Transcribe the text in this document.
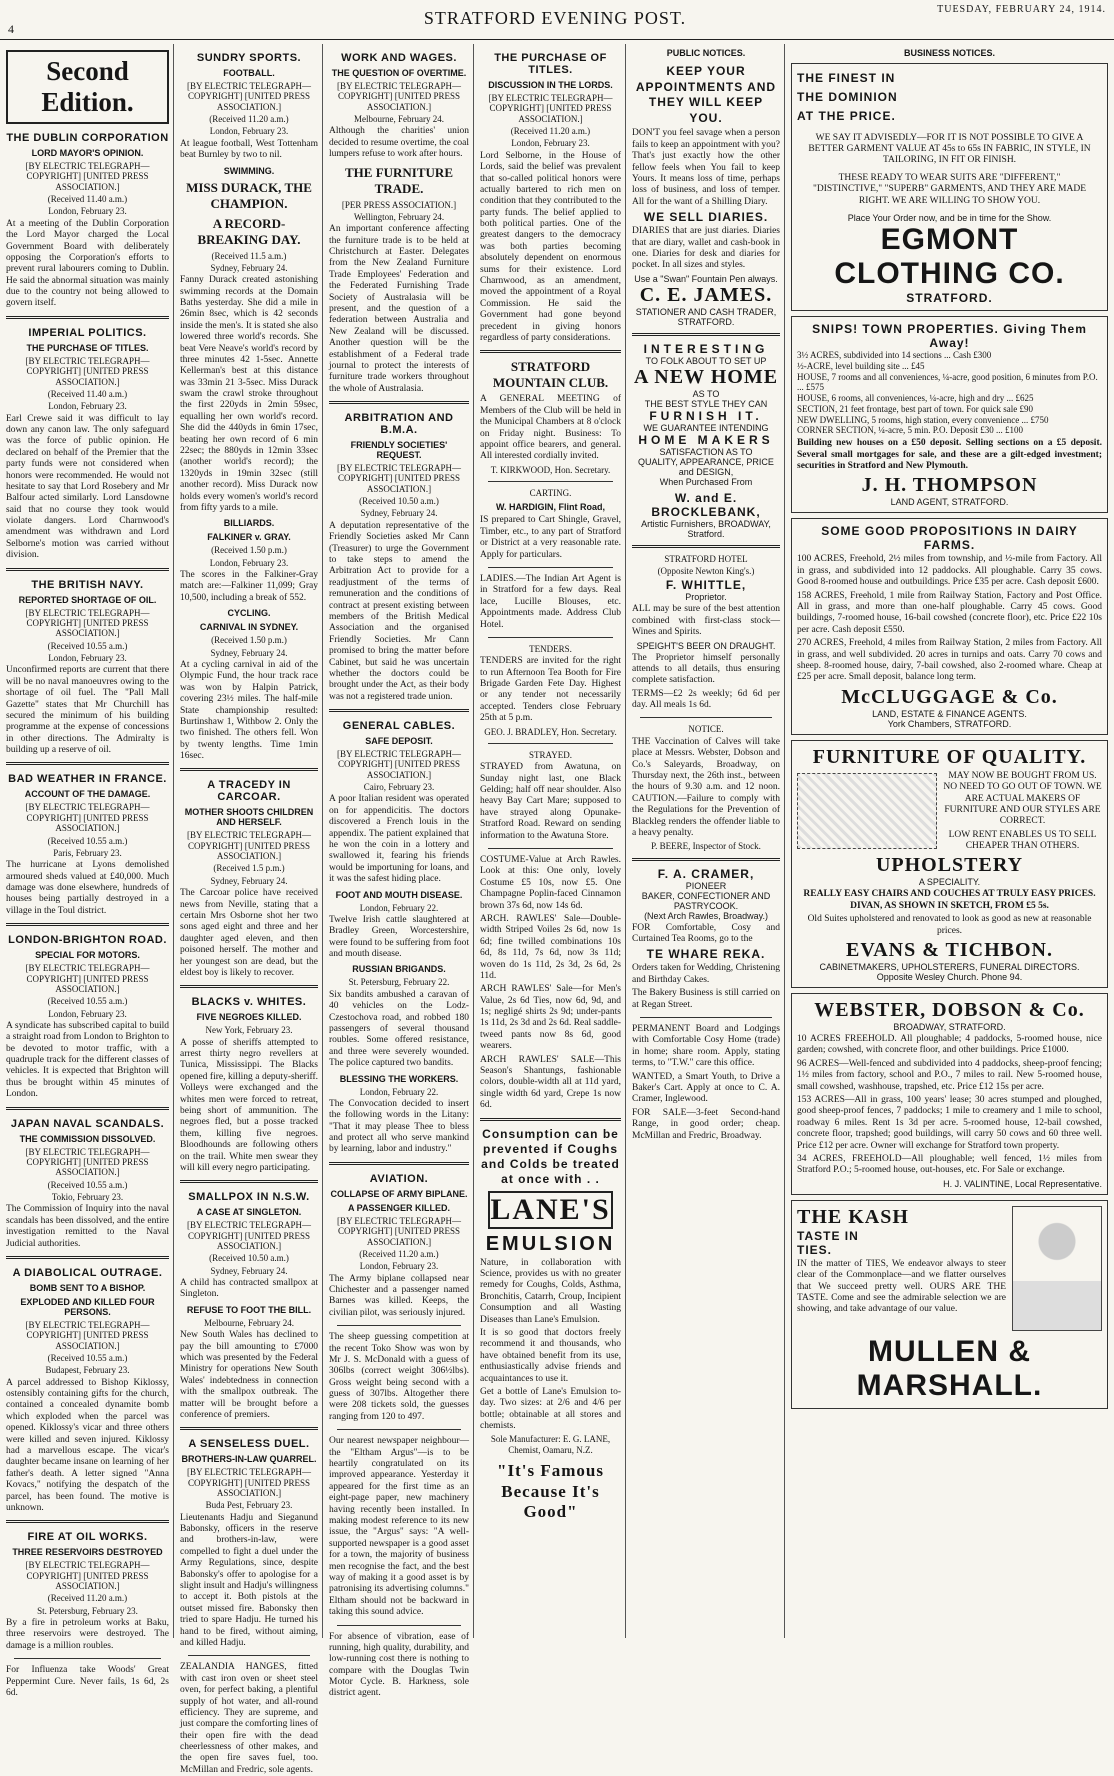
4
STRATFORD EVENING POST.	TUESDAY, FEBRUARY 24, 1914.
Second Edition.
THE DUBLIN CORPORATION
LORD MAYOR'S OPINION.
[BY ELECTRIC TELEGRAPH—COPYRIGHT] [UNITED PRESS ASSOCIATION.]
(Received 11.40 a.m.)
London, February 23.

At a meeting of the Dublin Corporation the Lord Mayor charged the Local Government Board with deliberately opposing the Corporation's efforts to prevent rural labourers coming to Dublin. He said the abnormal situation was mainly due to the country not being allowed to govern itself.

IMPERIAL POLITICS.
THE PURCHASE OF TITLES.
[BY ELECTRIC TELEGRAPH—COPYRIGHT] [UNITED PRESS ASSOCIATION.]
(Received 11.40 a.m.)
London, February 23.

Earl Crewe said it was difficult to lay down any canon law. The only safeguard was the force of public opinion. He declared on behalf of the Premier that the party funds were not considered when honors were recommended. He would not hesitate to say that Lord Rosebery and Mr Balfour acted similarly. Lord Lansdowne said that no course they took would violate dangers. Lord Charnwood's amendment was withdrawn and Lord Selborne's motion was carried without division.

THE BRITISH NAVY.
REPORTED SHORTAGE OF OIL.
[BY ELECTRIC TELEGRAPH—COPYRIGHT] [UNITED PRESS ASSOCIATION.]
(Received 10.55 a.m.)
London, February 23.

Unconfirmed reports are current that there will be no naval manoeuvres owing to the shortage of oil fuel. The "Pall Mall Gazette" states that Mr Churchill has secured the minimum of his building programme at the expense of concessions in other directions. The Admiralty is building up a reserve of oil.

BAD WEATHER IN FRANCE.
ACCOUNT OF THE DAMAGE.
[BY ELECTRIC TELEGRAPH—COPYRIGHT] [UNITED PRESS ASSOCIATION.]
(Received 10.55 a.m.)
Paris, February 23.

The hurricane at Lyons demolished armoured sheds valued at £40,000. Much damage was done elsewhere, hundreds of houses being partially destroyed in a village in the Toul district.

LONDON-BRIGHTON ROAD.
SPECIAL FOR MOTORS.
[BY ELECTRIC TELEGRAPH—COPYRIGHT] [UNITED PRESS ASSOCIATION.]
(Received 10.55 a.m.)
London, February 23.

A syndicate has subscribed capital to build a straight road from London to Brighton to be devoted to motor traffic, with a quadruple track for the different classes of vehicles. It is expected that Brighton will thus be brought within 45 minutes of London.

JAPAN NAVAL SCANDALS.
THE COMMISSION DISSOLVED.
[BY ELECTRIC TELEGRAPH—COPYRIGHT] [UNITED PRESS ASSOCIATION.]
(Received 10.55 a.m.)
Tokio, February 23.

The Commission of Inquiry into the naval scandals has been dissolved, and the entire investigation remitted to the Naval Judicial authorities.

A DIABOLICAL OUTRAGE.
BOMB SENT TO A BISHOP.
EXPLODED AND KILLED FOUR PERSONS.
[BY ELECTRIC TELEGRAPH—COPYRIGHT] [UNITED PRESS ASSOCIATION.]
(Received 10.55 a.m.)
Budapest, February 23.

A parcel addressed to Bishop Kiklossy, ostensibly containing gifts for the church, contained a concealed dynamite bomb which exploded when the parcel was opened. Kiklossy's vicar and three others were killed and seven injured. Kiklossy had a marvellous escape. The vicar's daughter became insane on learning of her father's death. A letter signed "Anna Kovacs," notifying the despatch of the parcel, has been found. The motive is unknown.

FIRE AT OIL WORKS.
THREE RESERVOIRS DESTROYED
[BY ELECTRIC TELEGRAPH—COPYRIGHT] [UNITED PRESS ASSOCIATION.]
(Received 11.20 a.m.)
St. Petersburg, February 23.

By a fire in petroleum works at Baku, three reservoirs were destroyed. The damage is a million roubles.

For Influenza take Woods' Great Peppermint Cure. Never fails, 1s 6d, 2s 6d.

SUNDRY SPORTS.
FOOTBALL.
[BY ELECTRIC TELEGRAPH—COPYRIGHT] [UNITED PRESS ASSOCIATION.]
(Received 11.20 a.m.)
London, February 23.

At league football, West Tottenham beat Burnley by two to nil.

SWIMMING.
MISS DURACK, THE CHAMPION.
A RECORD-BREAKING DAY.
(Received 11.5 a.m.)
Sydney, February 24.

Fanny Durack created astonishing swimming records at the Domain Baths yesterday. She did a mile in 26min 8sec, which is 42 seconds inside the men's. It is stated she also lowered three world's records. She beat Vere Neave's world's record by three minutes 42 1-5sec. Annette Kellerman's best at this distance was 33min 21 3-5sec. Miss Durack swam the crawl stroke throughout the first 220yds in 2min 59sec, equalling her own world's record. She did the 440yds in 6min 17sec, beating her own record of 6 min 22sec; the 880yds in 12min 33sec (another world's record); the 1320yds in 19min 32sec (still another record). Miss Durack now holds every women's world's record from fifty yards to a mile.

BILLIARDS.
FALKINER v. GRAY.
(Received 1.50 p.m.)
London, February 23.

The scores in the Falkiner-Gray match are:—Falkiner 11,099; Gray 10,500, including a break of 552.

CYCLING.
CARNIVAL IN SYDNEY.
(Received 1.50 p.m.)
Sydney, February 24.

At a cycling carnival in aid of the Olympic Fund, the hour track race was won by Halpin Patrick, covering 23½ miles. The half-mile State championship resulted: Burtinshaw 1, Withbow 2. Only the two finished. The others fell. Won by twenty lengths. Time 1min 16sec.

A TRACEDY IN CARCOAR.
MOTHER SHOOTS CHILDREN AND HERSELF.
[BY ELECTRIC TELEGRAPH—COPYRIGHT] [UNITED PRESS ASSOCIATION.]
(Received 1.5 p.m.)
Sydney, February 24.

The Carcoar police have received news from Neville, stating that a certain Mrs Osborne shot her two sons aged eight and three and her daughter aged eleven, and then poisoned herself. The mother and her youngest son are dead, but the eldest boy is likely to recover.

BLACKS v. WHITES.
FIVE NEGROES KILLED.
New York, February 23.

A posse of sheriffs attempted to arrest thirty negro revellers at Tunica, Mississippi. The Blacks opened fire, killing a deputy-sheriff. Volleys were exchanged and the whites men were forced to retreat, being short of ammunition. The negroes fled, but a posse tracked them, killing five negroes. Bloodhounds are following others on the trail. White men swear they will kill every negro participating.

SMALLPOX IN N.S.W.
A CASE AT SINGLETON.
[BY ELECTRIC TELEGRAPH—COPYRIGHT] [UNITED PRESS ASSOCIATION.]
(Received 10.50 a.m.)
Sydney, February 24.

A child has contracted smallpox at Singleton.

REFUSE TO FOOT THE BILL.
Melbourne, February 24.

New South Wales has declined to pay the bill amounting to £7000 which was presented by the Federal Ministry for operations New South Wales' indebtedness in connection with the smallpox outbreak. The matter will be brought before a conference of premiers.

A SENSELESS DUEL.
BROTHERS-IN-LAW QUARREL.
[BY ELECTRIC TELEGRAPH—COPYRIGHT] [UNITED PRESS ASSOCIATION.]
Buda Pest, February 23.

Lieutenants Hadju and Sieganund Babonsky, officers in the reserve and brothers-in-law, were compelled to fight a duel under the Army Regulations, since, despite Babonsky's offer to apologise for a slight insult and Hadju's willingness to accept it. Both pistols at the outset missed fire. Babonsky then tried to spare Hadju. He turned his hand to be fired, without aiming, and killed Hadju.

ZEALANDIA HANGES, fitted with cast iron oven or sheet steel oven, for perfect baking, a plentiful supply of hot water, and all-round efficiency. They are supreme, and just compare the comforting lines of their open fire with the dead cheerlessness of other makes, and the open fire saves fuel, too. McMillan and Fredric, sole agents.

WORK AND WAGES.
THE QUESTION OF OVERTIME.
[BY ELECTRIC TELEGRAPH—COPYRIGHT] [UNITED PRESS ASSOCIATION.]
Melbourne, February 24.

Although the charities' union decided to resume overtime, the coal lumpers refuse to work after hours.

THE FURNITURE TRADE.
[PER PRESS ASSOCIATION.]
Wellington, February 24.

An important conference affecting the furniture trade is to be held at Christchurch at Easter. Delegates from the New Zealand Furniture Trade Employees' Federation and the Federated Furnishing Trade Society of Australasia will be present, and the question of a federation between Australia and New Zealand will be discussed. Another question will be the establishment of a Federal trade journal to protect the interests of furniture trade workers throughout the whole of Australasia.

ARBITRATION AND B.M.A.
FRIENDLY SOCIETIES' REQUEST.
[BY ELECTRIC TELEGRAPH—COPYRIGHT] [UNITED PRESS ASSOCIATION.]
(Received 10.50 a.m.)
Sydney, February 24.

A deputation representative of the Friendly Societies asked Mr Cann (Treasurer) to urge the Government to take steps to amend the Arbitration Act to provide for a readjustment of the terms of remuneration and the conditions of contract at present existing between members of the British Medical Association and the organised Friendly Societies. Mr Cann promised to bring the matter before Cabinet, but said he was uncertain whether the doctors could be brought under the Act, as their body was not a registered trade union.

GENERAL CABLES.
SAFE DEPOSIT.
[BY ELECTRIC TELEGRAPH—COPYRIGHT] [UNITED PRESS ASSOCIATION.]
Cairo, February 23.

A poor Italian resident was operated on for appendicitis. The doctors discovered a French louis in the appendix. The patient explained that he won the coin in a lottery and swallowed it, fearing his friends would be importuning for loans, and it was the safest hiding place.

FOOT AND MOUTH DISEASE.
London, February 22.

Twelve Irish cattle slaughtered at Bradley Green, Worcestershire, were found to be suffering from foot and mouth disease.

RUSSIAN BRIGANDS.
St. Petersburg, February 22.

Six bandits ambushed a caravan of 40 vehicles on the Lodz-Czestochova road, and robbed 180 passengers of several thousand roubles. Some offered resistance, and three were severely wounded. The police captured two bandits.

BLESSING THE WORKERS.
London, February 22.

The Convocation decided to insert the following words in the Litany: "That it may please Thee to bless and protect all who serve mankind by learning, labor and industry."

AVIATION.
COLLAPSE OF ARMY BIPLANE.
A PASSENGER KILLED.
[BY ELECTRIC TELEGRAPH—COPYRIGHT] [UNITED PRESS ASSOCIATION.]
(Received 11.20 a.m.)
London, February 23.

The Army biplane collapsed near Chichester and a passenger named Barnes was killed. Keeps, the civilian pilot, was seriously injured.

The sheep guessing competition at the recent Toko Show was won by Mr J. S. McDonald with a guess of 306lbs (correct weight 306½lbs). Gross weight being second with a guess of 307lbs. Altogether there were 208 tickets sold, the guesses ranging from 120 to 497.

Our nearest newspaper neighbour—the "Eltham Argus"—is to be heartily congratulated on its improved appearance. Yesterday it appeared for the first time as an eight-page paper, new machinery having recently been installed. In making modest reference to its new issue, the "Argus" says: "A well-supported newspaper is a good asset for a town, the majority of business men recognise the fact, and the best way of making it a good asset is by patronising its advertising columns." Eltham should not be backward in taking this sound advice.

For absence of vibration, ease of running, high quality, durability, and low-running cost there is nothing to compare with the Douglas Twin Motor Cycle. B. Harkness, sole district agent.

THE PURCHASE OF TITLES.
DISCUSSION IN THE LORDS.
[BY ELECTRIC TELEGRAPH—COPYRIGHT] [UNITED PRESS ASSOCIATION.]
(Received 11.20 a.m.)
London, February 23.

Lord Selborne, in the House of Lords, said the belief was prevalent that so-called political honors were actually bartered to rich men on condition that they contributed to the party funds. The belief applied to both political parties. One of the greatest dangers to the democracy was both parties becoming absolutely dependent on enormous sums for their existence. Lord Charnwood, as an amendment, moved the appointment of a Royal Commission. He said the Government had gone beyond precedent in giving honors regardless of party considerations.

STRATFORD MOUNTAIN CLUB.

A GENERAL MEETING of Members of the Club will be held in the Municipal Chambers at 8 o'clock on Friday night. Business: To appoint office bearers, and general. All interested cordially invited.

T. KIRKWOOD, Hon. Secretary.
CARTING.
W. HARDIGIN, Flint Road,

IS prepared to Cart Shingle, Gravel, Timber, etc., to any part of Stratford or District at a very reasonable rate. Apply for particulars.

LADIES.—The Indian Art Agent is in Stratford for a few days. Real lace, Lucille Blouses, etc. Appointments made. Address Club Hotel.

TENDERS.

TENDERS are invited for the right to run Afternoon Tea Booth for Fire Brigade Garden Fete Day. Highest or any tender not necessarily accepted. Tenders close February 25th at 5 p.m.

GEO. J. BRADLEY, Hon. Secretary.
STRAYED.

STRAYED from Awatuna, on Sunday night last, one Black Gelding; half off near shoulder. Also heavy Bay Cart Mare; supposed to have strayed along Opunake-Stratford Road. Reward on sending information to the Awatuna Store.

COSTUME-Value at Arch Rawles. Look at this: One only, lovely Costume £5 10s, now £5. One Champagne Poplin-faced Cinnamon brown 37s 6d, now 14s 6d.

ARCH. RAWLES' Sale—Double-width Striped Voiles 2s 6d, now 1s 6d; fine twilled combinations 10s 6d, 8s 11d, 7s 6d, now 3s 11d; woven do 1s 11d, 2s 3d, 2s 6d, 2s 11d.

ARCH RAWLES' Sale—for Men's Value, 2s 6d Ties, now 6d, 9d, and 1s; negligé shirts 2s 9d; under-pants 1s 11d, 2s 3d and 2s 6d. Real saddle-tweed pants now 8s 6d, good wearers.

ARCH RAWLES' SALE—This Season's Shantungs, fashionable colors, double-width all at 11d yard, single width 6d yard, Crepe 1s now 6d.

Consumption can be prevented if Coughs and Colds be treated at once with . .
LANE'S
EMULSION

Nature, in collaboration with Science, provides us with no greater remedy for Coughs, Colds, Asthma, Bronchitis, Catarrh, Croup, Incipient Consumption and all Wasting Diseases than Lane's Emulsion.

It is so good that doctors freely recommend it and thousands, who have obtained benefit from its use, enthusiastically advise friends and acquaintances to use it.

Get a bottle of Lane's Emulsion to-day. Two sizes: at 2/6 and 4/6 per bottle; obtainable at all stores and chemists.

Sole Manufacturer: E. G. LANE, Chemist, Oamaru, N.Z.
"It's Famous Because It's Good"
PUBLIC NOTICES.
KEEP YOUR APPOINTMENTS AND THEY WILL KEEP YOU.

DON'T you feel savage when a person fails to keep an appointment with you? That's just exactly how the other fellow feels when You fail to keep Yours. It means loss of time, perhaps loss of business, and loss of temper. All for the want of a Shilling Diary.

WE SELL DIARIES.

DIARIES that are just diaries. Diaries that are diary, wallet and cash-book in one. Diaries for desk and diaries for pocket. In all sizes and styles.

Use a "Swan" Fountain Pen always.
C. E. JAMES.
STATIONER AND CASH TRADER, STRATFORD.
INTERESTING
TO FOLK ABOUT TO SET UP
A NEW HOME
AS TO
THE BEST STYLE THEY CAN
FURNISH IT.
WE GUARANTEE INTENDING
HOME MAKERS
SATISFACTION AS TO
QUALITY, APPEARANCE, PRICE and DESIGN,
When Purchased From
W. and E. BROCKLEBANK,
Artistic Furnishers, BROADWAY, Stratford.
STRATFORD HOTEL
(Opposite Newton King's.)
F. WHITTLE,
Proprietor.

ALL may be sure of the best attention combined with first-class stock—Wines and Spirits.

SPEIGHT'S BEER ON DRAUGHT.

The Proprietor himself personally attends to all details, thus ensuring complete satisfaction.

TERMS—£2 2s weekly; 6d 6d per day. All meals 1s 6d.

NOTICE.

THE Vaccination of Calves will take place at Messrs. Webster, Dobson and Co.'s Saleyards, Broadway, on Thursday next, the 26th inst., between the hours of 9.30 a.m. and 12 noon. CAUTION.—Failure to comply with the Regulations for the Prevention of Blackleg renders the offender liable to a heavy penalty.

P. BEERE, Inspector of Stock.
F. A. CRAMER,
PIONEER
BAKER, CONFECTIONER AND PASTRYCOOK.
(Next Arch Rawles, Broadway.)

FOR Comfortable, Cosy and Curtained Tea Rooms, go to the

TE WHARE REKA.

Orders taken for Wedding, Christening and Birthday Cakes.

The Bakery Business is still carried on at Regan Street.

PERMANENT Board and Lodgings with Comfortable Cosy Home (trade) in home; share room. Apply, stating terms, to "T.W." care this office.

WANTED, a Smart Youth, to Drive a Baker's Cart. Apply at once to C. A. Cramer, Inglewood.

FOR SALE—3-feet Second-hand Range, in good order; cheap. McMillan and Fredric, Broadway.

BUSINESS NOTICES.
THE FINEST IN
THE DOMINION
AT THE PRICE.

WE SAY IT ADVISEDLY—FOR IT IS NOT POSSIBLE TO GIVE A BETTER GARMENT VALUE AT 45s to 65s IN FABRIC, IN STYLE, IN TAILORING, IN FIT OR FINISH.

THESE READY TO WEAR SUITS ARE "DIFFERENT," "DISTINCTIVE," "SUPERB" GARMENTS, AND THEY ARE MADE RIGHT. WE ARE WILLING TO SHOW YOU.

Place Your Order now, and be in time for the Show.
EGMONT CLOTHING CO.
STRATFORD.
SNIPS! TOWN PROPERTIES. Giving Them Away!
3½ ACRES, subdivided into 14 sections ... Cash £300
½-ACRE, level building site ... £45
HOUSE, 7 rooms and all conveniences, ¼-acre, good position, 6 minutes from P.O. ... £575
HOUSE, 6 rooms, all conveniences, ¼-acre, high and dry ... £625
SECTION, 21 feet frontage, best part of town. For quick sale £90
NEW DWELLING, 5 rooms, high station, every convenience ... £750
CORNER SECTION, ¼-acre, 5 min. P.O. Deposit £30 ... £100

Building new houses on a £50 deposit. Selling sections on a £5 deposit. Several small mortgages for sale, and these are a gilt-edged investment; securities in Stratford and New Plymouth.

J. H. THOMPSON
LAND AGENT, STRATFORD.
SOME GOOD PROPOSITIONS IN DAIRY FARMS.

100 ACRES, Freehold, 2½ miles from township, and ½-mile from Factory. All in grass, and subdivided into 12 paddocks. All ploughable. Carry 35 cows. Good 8-roomed house and outbuildings. Price £35 per acre. Cash deposit £600.

158 ACRES, Freehold, 1 mile from Railway Station, Factory and Post Office. All in grass, and more than one-half ploughable. Carry 45 cows. Good buildings, 7-roomed house, 16-bail cowshed (concrete floor), etc. Price £22 10s per acre. Cash deposit £550.

270 ACRES, Freehold, 4 miles from Railway Station, 2 miles from Factory. All in grass, and well subdivided. 20 acres in turnips and oats. Carry 70 cows and sheep. 8-roomed house, dairy, 7-bail cowshed, also 2-roomed whare. Cheap at £25 per acre. Small deposit, balance long term.

McCLUGGAGE & Co.
LAND, ESTATE & FINANCE AGENTS.
York Chambers, STRATFORD.
FURNITURE OF QUALITY.

MAY NOW BE BOUGHT FROM US. NO NEED TO GO OUT OF TOWN. WE ARE ACTUAL MAKERS OF FURNITURE AND OUR STYLES ARE CORRECT.

LOW RENT ENABLES US TO SELL CHEAPER THAN OTHERS.

UPHOLSTERY
A SPECIALITY.

REALLY EASY CHAIRS AND COUCHES AT TRULY EASY PRICES. DIVAN, AS SHOWN IN SKETCH, FROM £5 5s.

Old Suites upholstered and renovated to look as good as new at reasonable prices.

EVANS & TICHBON.
CABINETMAKERS, UPHOLSTERERS, FUNERAL DIRECTORS.
Opposite Wesley Church. Phone 94.
WEBSTER, DOBSON & Co.
BROADWAY, STRATFORD.

10 ACRES FREEHOLD. All ploughable; 4 paddocks, 5-roomed house, nice garden; cowshed, with concrete floor, and other buildings. Price £1000.

96 ACRES—Well-fenced and subdivided into 4 paddocks, sheep-proof fencing; 1½ miles from factory, school and P.O., 7 miles to rail. New 5-roomed house, small cowshed, washhouse, trapshed, etc. Price £12 15s per acre.

153 ACRES—All in grass, 100 years' lease; 30 acres stumped and ploughed, good sheep-proof fences, 7 paddocks; 1 mile to creamery and 1 mile to school, roadway 6 miles. Rent 1s 3d per acre. 5-roomed house, 12-bail cowshed, concrete floor, trapshed; good buildings, will carry 50 cows and 60 three well. Price £12 per acre. Owner will exchange for Stratford town property.

34 ACRES, FREEHOLD—All ploughable; well fenced, 1½ miles from Stratford P.O.; 5-roomed house, out-houses, etc. For Sale or exchange.

H. J. VALINTINE, Local Representative.
THE KASH
TASTE IN
TIES.

IN the matter of TIES, We endeavor always to steer clear of the Commonplace—and we flatter ourselves that We succeed pretty well. OURS ARE THE TASTE. Come and see the admirable selection we are showing, and take advantage of our value.

MULLEN & MARSHALL.
